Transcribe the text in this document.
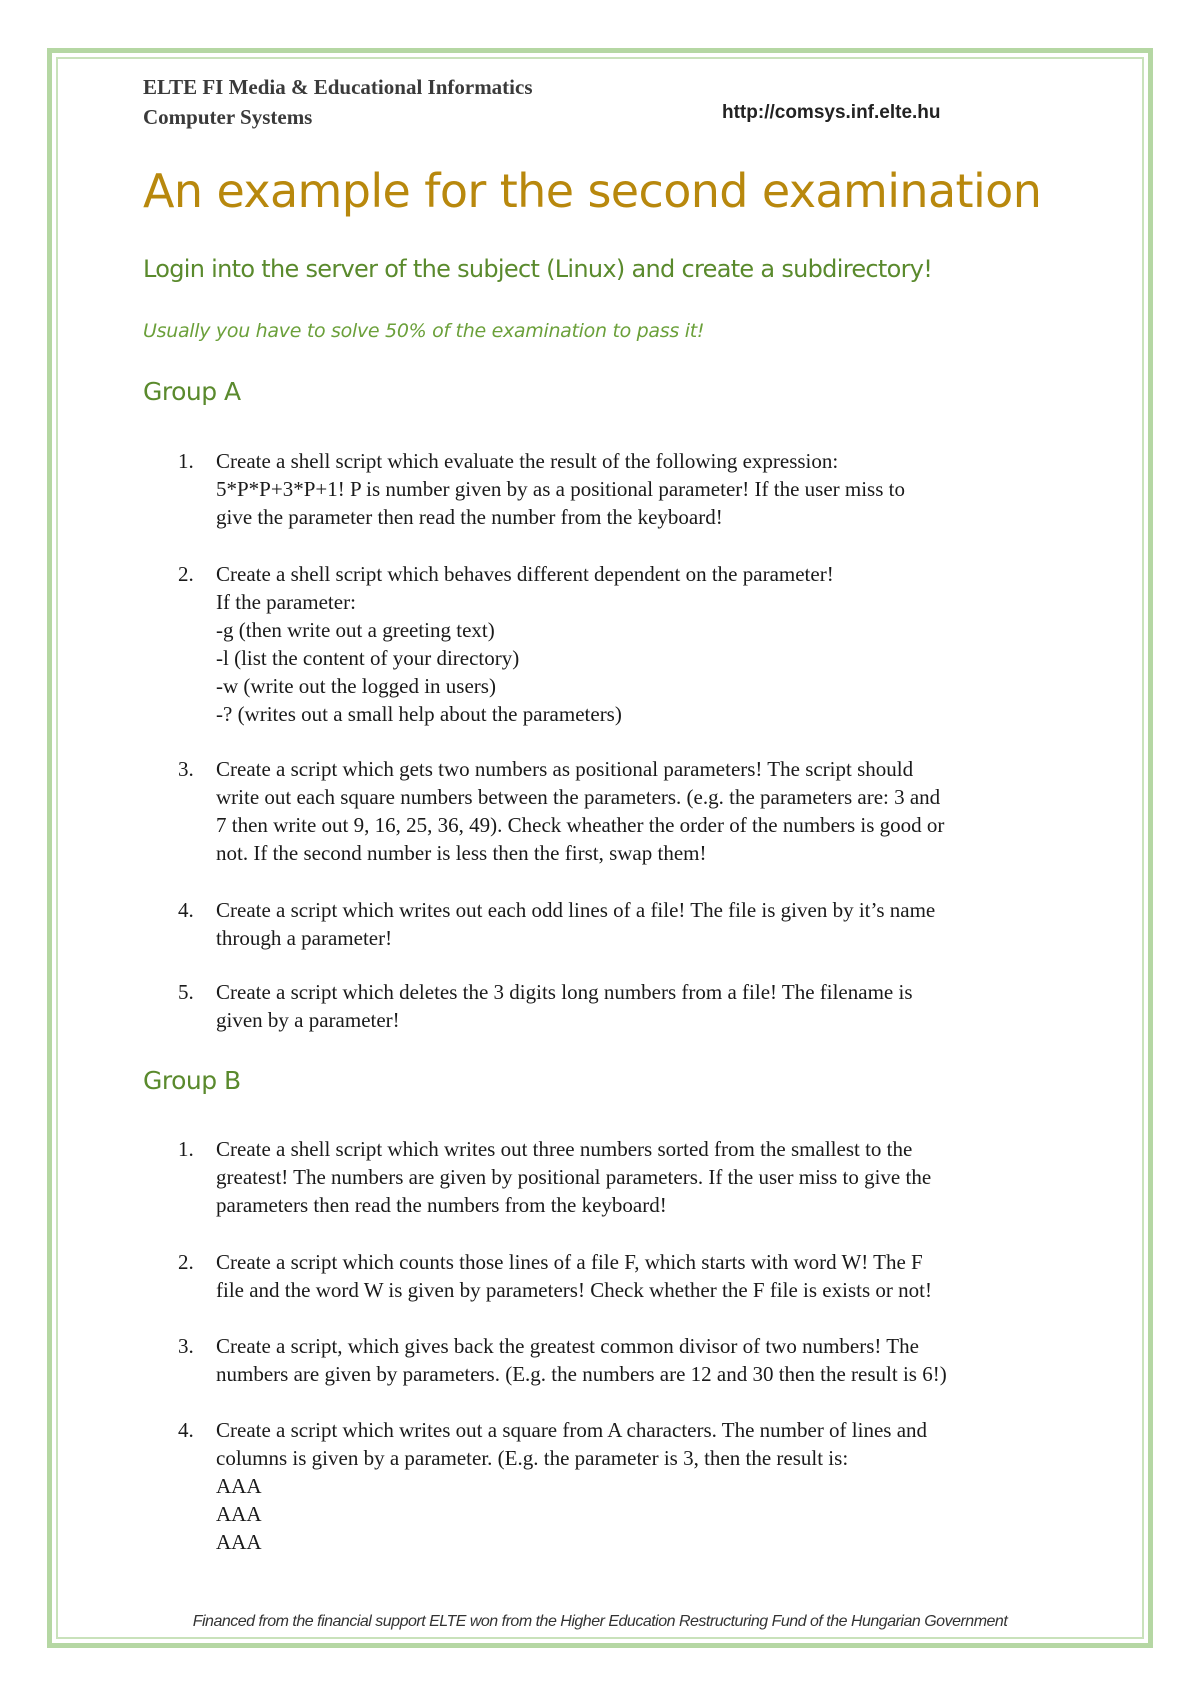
ELTE FI Media & Educational Informatics
Computer Systems	http://comsys.inf.elte.hu
An example for the second examination
Login into the server of the subject (Linux) and create a subdirectory!
Usually you have to solve 50% of the examination to pass it!
Group A
1. Create a shell script which evaluate the result of the following expression:
5*P*P+3*P+1! P is number given by as a positional parameter! If the user miss to
give the parameter then read the number from the keyboard!
2. Create a shell script which behaves different dependent on the parameter!
If the parameter:
-g (then write out a greeting text)
-l (list the content of your directory)
-w (write out the logged in users)
-? (writes out a small help about the parameters)
3. Create a script which gets two numbers as positional parameters! The script should
write out each square numbers between the parameters. (e.g. the parameters are: 3 and
7 then write out 9, 16, 25, 36, 49). Check wheather the order of the numbers is good or
not. If the second number is less then the first, swap them!
4. Create a script which writes out each odd lines of a file! The file is given by it’s name
through a parameter!
5. Create a script which deletes the 3 digits long numbers from a file! The filename is
given by a parameter!
Group B
1. Create a shell script which writes out three numbers sorted from the smallest to the
greatest! The numbers are given by positional parameters. If the user miss to give the
parameters then read the numbers from the keyboard!
2. Create a script which counts those lines of a file F, which starts with word W! The F
file and the word W is given by parameters! Check whether the F file is exists or not!
3. Create a script, which gives back the greatest common divisor of two numbers! The
numbers are given by parameters. (E.g. the numbers are 12 and 30 then the result is 6!)
4. Create a script which writes out a square from A characters. The number of lines and
columns is given by a parameter. (E.g. the parameter is 3, then the result is:
AAA
AAA
AAA
Financed from the financial support ELTE won from the Higher Education Restructuring Fund of the Hungarian Government
